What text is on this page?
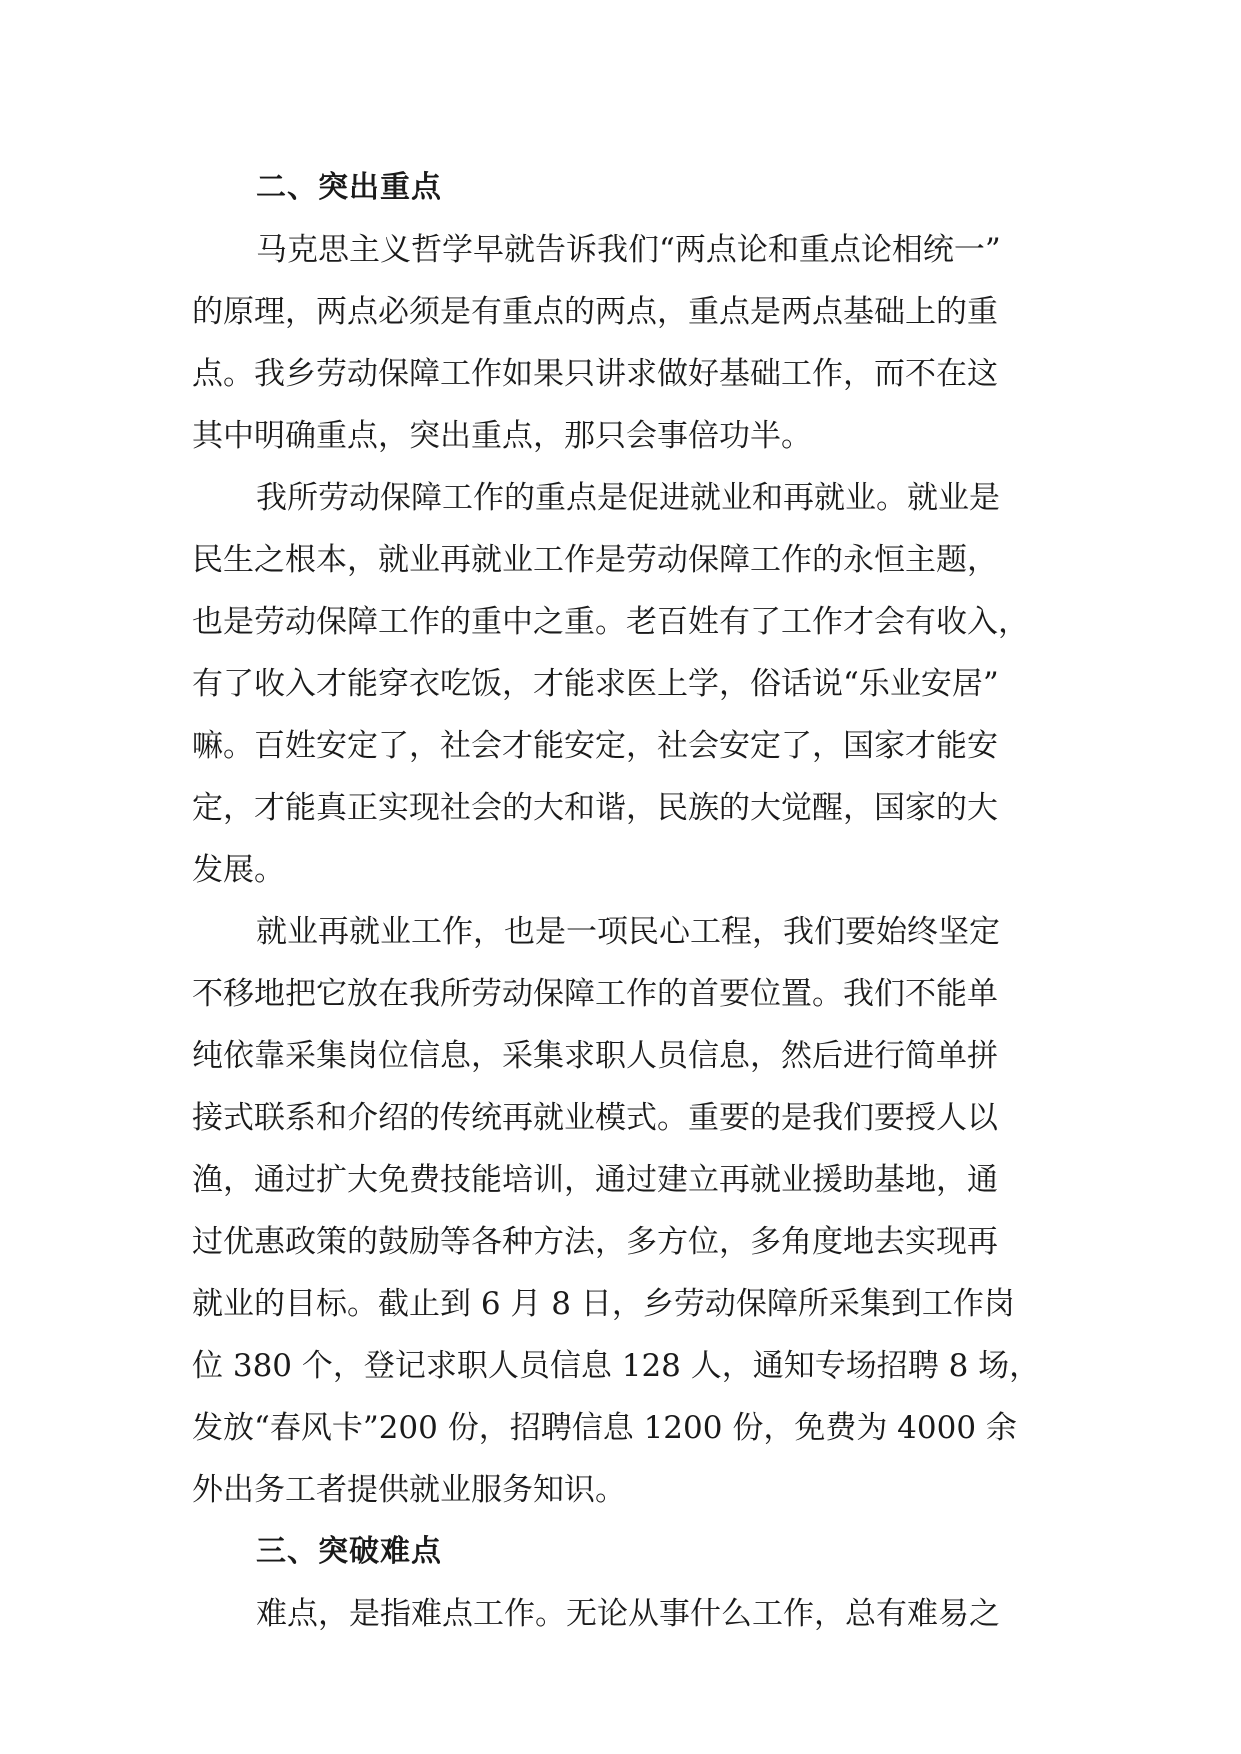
二、突出重点
马克思主义哲学早就告诉我们“两点论和重点论相统一”
的原理，两点必须是有重点的两点，重点是两点基础上的重
点。我乡劳动保障工作如果只讲求做好基础工作，而不在这
其中明确重点，突出重点，那只会事倍功半。
我所劳动保障工作的重点是促进就业和再就业。就业是
民生之根本，就业再就业工作是劳动保障工作的永恒主题，
也是劳动保障工作的重中之重。老百姓有了工作才会有收入，
有了收入才能穿衣吃饭，才能求医上学，俗话说“乐业安居”
嘛。百姓安定了，社会才能安定，社会安定了，国家才能安
定，才能真正实现社会的大和谐，民族的大觉醒，国家的大
发展。
就业再就业工作，也是一项民心工程，我们要始终坚定
不移地把它放在我所劳动保障工作的首要位置。我们不能单
纯依靠采集岗位信息，采集求职人员信息，然后进行简单拼
接式联系和介绍的传统再就业模式。重要的是我们要授人以
渔，通过扩大免费技能培训，通过建立再就业援助基地，通
过优惠政策的鼓励等各种方法，多方位，多角度地去实现再
就业的目标。截止到 6 月 8 日，乡劳动保障所采集到工作岗
位 380 个，登记求职人员信息 128 人，通知专场招聘 8 场，
发放“春风卡”200 份，招聘信息 1200 份，免费为 4000 余
外出务工者提供就业服务知识。
三、突破难点
难点，是指难点工作。无论从事什么工作，总有难易之
